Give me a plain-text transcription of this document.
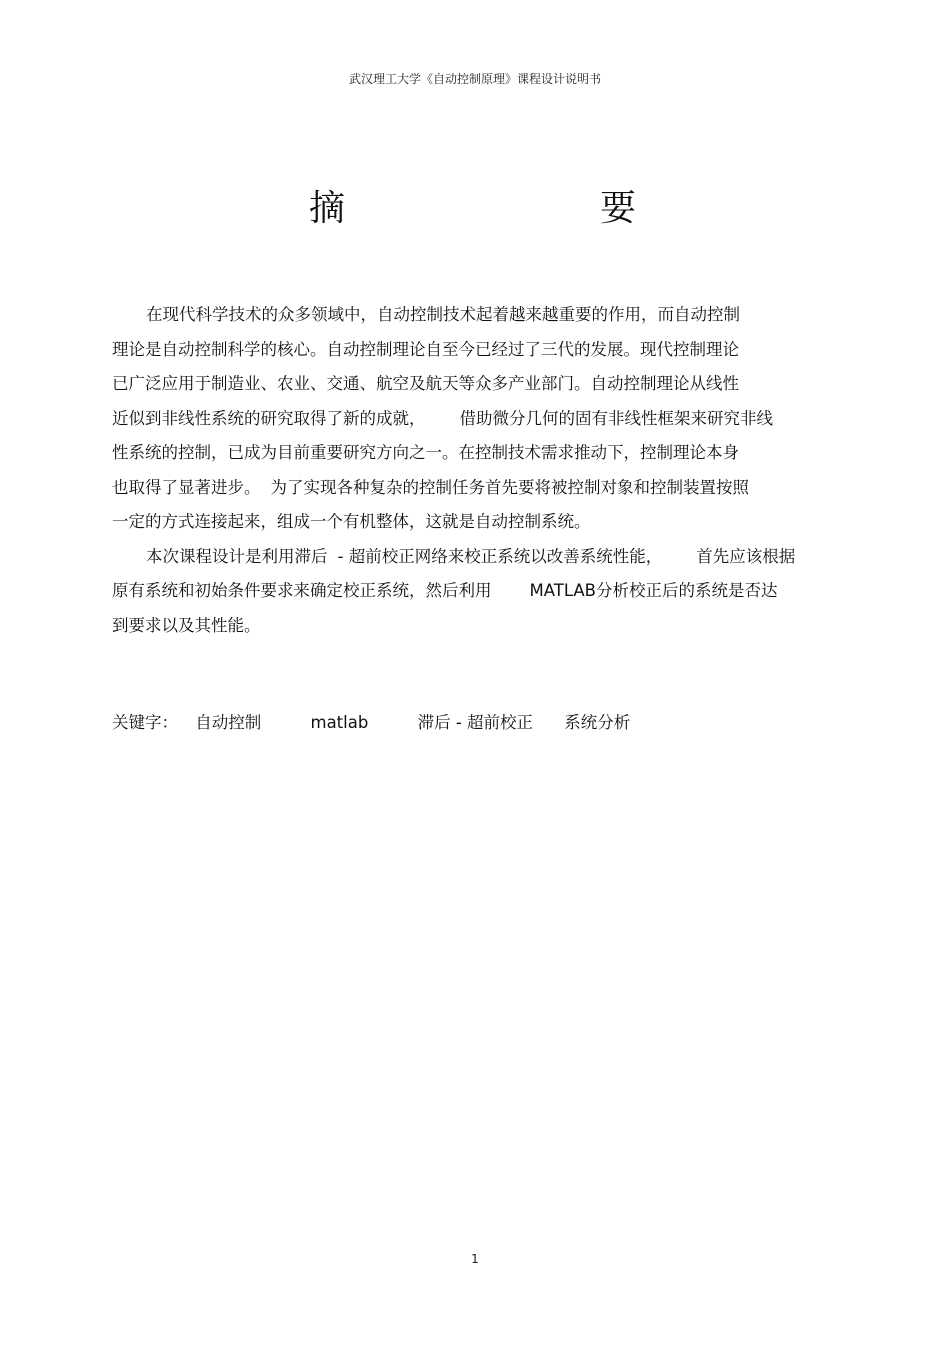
武汉理工大学《自动控制原理》课程设计说明书
摘	要
在现代科学技术的众多领域中，自动控制技术起着越来越重要的作用，而自动控制
理论是自动控制科学的核心。自动控制理论自至今已经过了三代的发展。现代控制理论
已广泛应用于制造业、农业、交通、航空及航天等众多产业部门。自动控制理论从线性
近似到非线性系统的研究取得了新的成就， 借助微分几何的固有非线性框架来研究非线
性系统的控制，已成为目前重要研究方向之一。在控制技术需求推动下，控制理论本身
也取得了显著进步。 为了实现各种复杂的控制任务首先要将被控制对象和控制装置按照
一定的方式连接起来，组成一个有机整体，这就是自动控制系统。
本次课程设计是利用滞后 - 超前校正网络来校正系统以改善系统性能， 首先应该根据
原有系统和初始条件要求来确定校正系统，然后利用 MATLAB分析校正后的系统是否达
到要求以及其性能。
关键字： 自动控制	matlab	滞后 - 超前校正 系统分析
1
